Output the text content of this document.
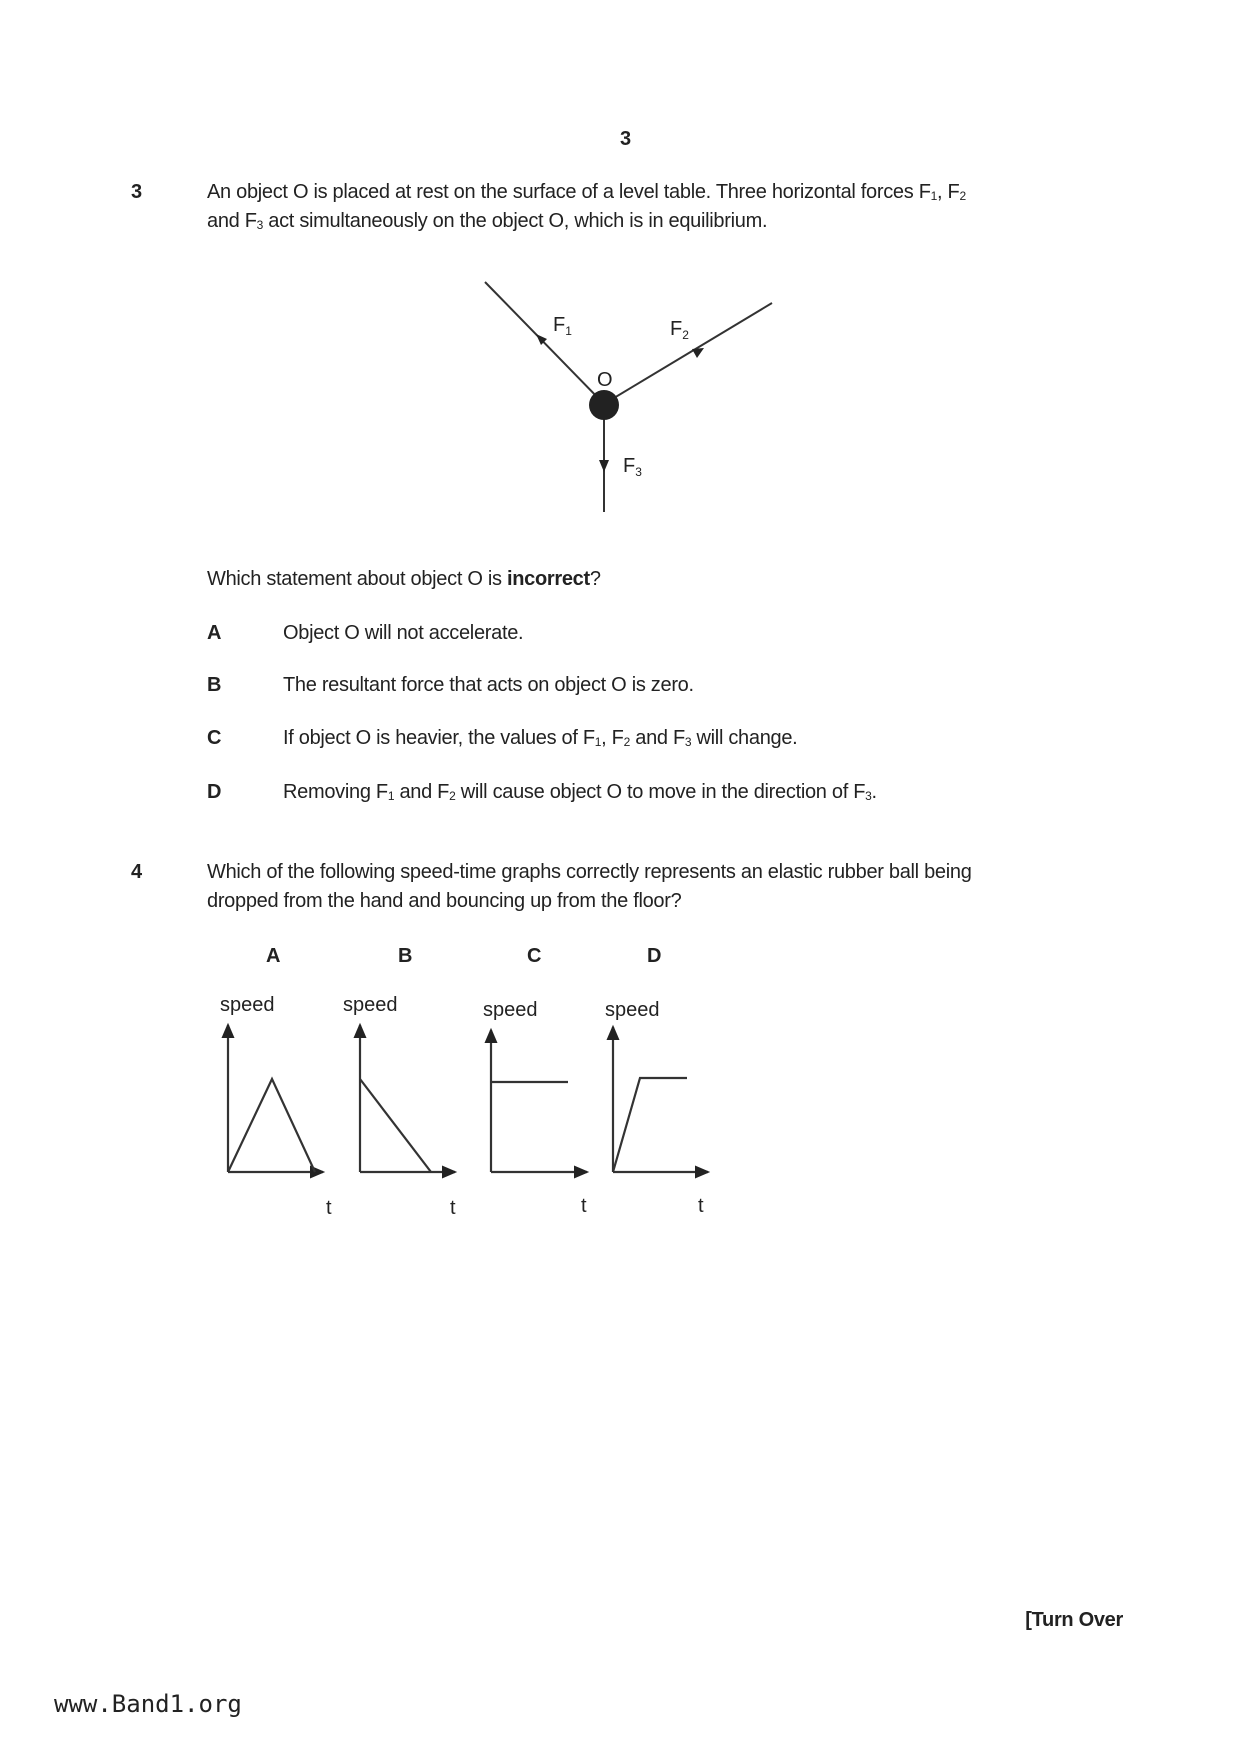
3
3	An object O is placed at rest on the surface of a level table. Three horizontal forces $F_1$, $F_2$
and $F_3$ act simultaneously on the object O, which is in equilibrium.
O
$F_1$	$F_2$
$F_3$
Which statement about object O is incorrect?
A	Object O will not accelerate.
B	The resultant force that acts on object O is zero.
C	If object O is heavier, the values of $F_1$, $F_2$ and $F_3$ will change.
D	Removing $F_1$ and $F_2$ will cause object O to move in the direction of $F_3$.
4	Which of the following speed-time graphs correctly represents an elastic rubber ball being
dropped from the hand and bouncing up from the floor?
A	B	C	D
speed	speed	speed	speed
t	t	t	t
[Turn Over
www.Band1.org
